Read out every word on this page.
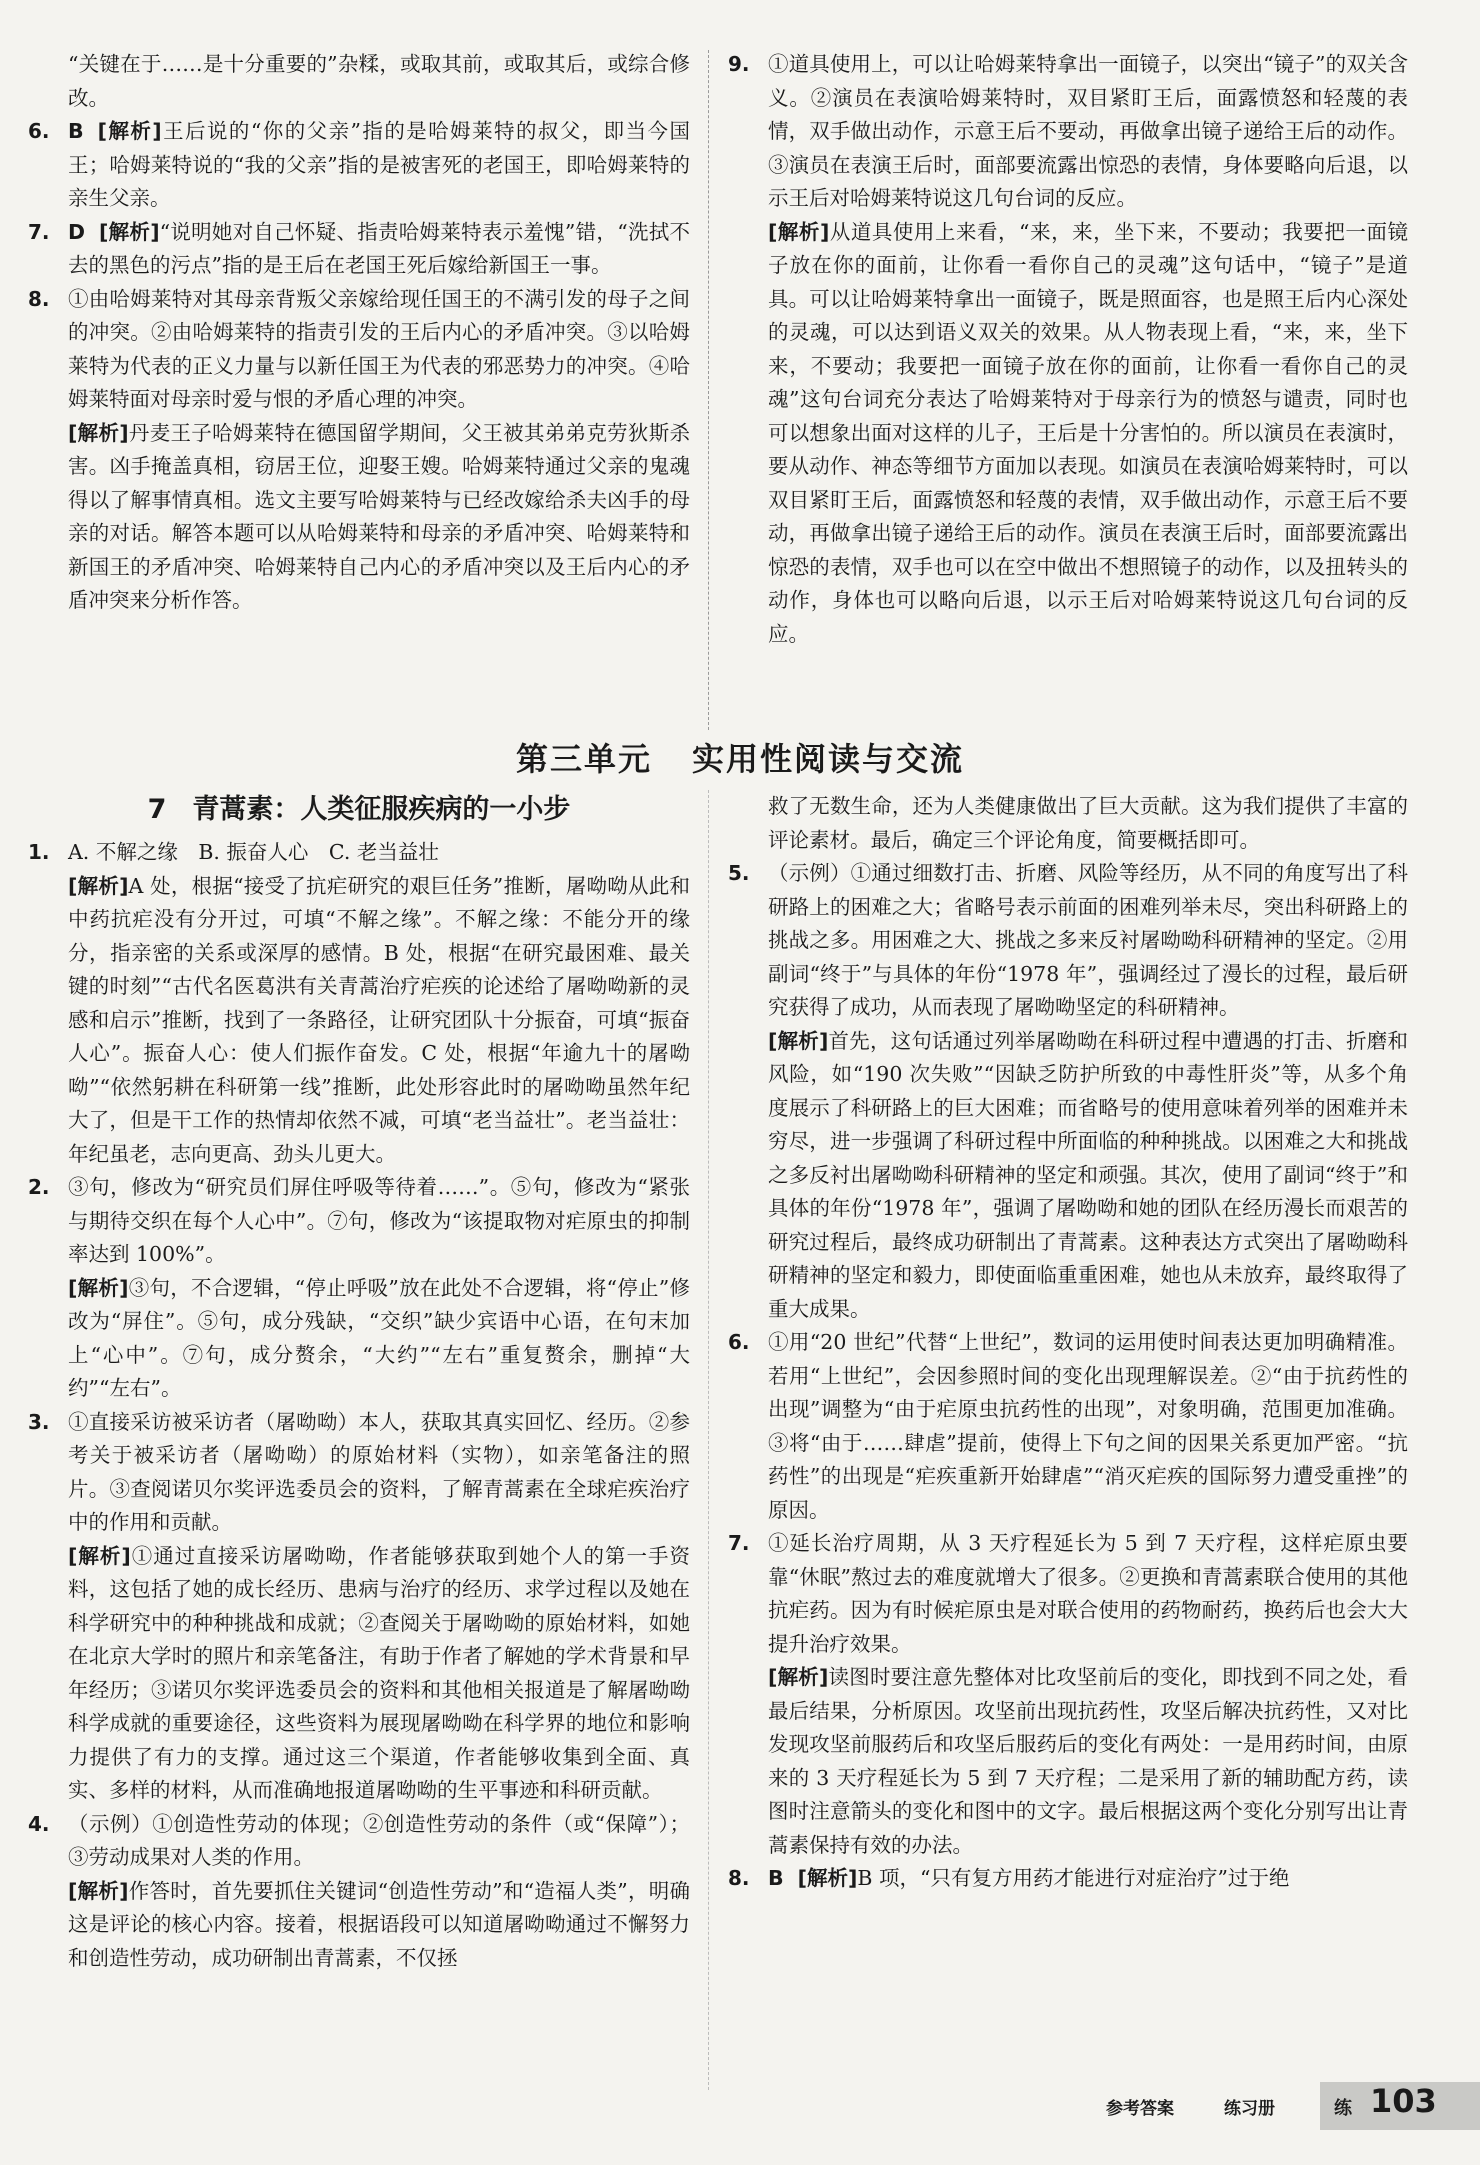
“关键在于……是十分重要的”杂糅，或取其前，或取其后，或综合修改。

6. B [解析]王后说的“你的父亲”指的是哈姆莱特的叔父，即当今国王；哈姆莱特说的“我的父亲”指的是被害死的老国王，即哈姆莱特的亲生父亲。

7. D [解析]“说明她对自己怀疑、指责哈姆莱特表示羞愧”错，“洗拭不去的黑色的污点”指的是王后在老国王死后嫁给新国王一事。

8. ①由哈姆莱特对其母亲背叛父亲嫁给现任国王的不满引发的母子之间的冲突。②由哈姆莱特的指责引发的王后内心的矛盾冲突。③以哈姆莱特为代表的正义力量与以新任国王为代表的邪恶势力的冲突。④哈姆莱特面对母亲时爱与恨的矛盾心理的冲突。

[解析]丹麦王子哈姆莱特在德国留学期间，父王被其弟弟克劳狄斯杀害。凶手掩盖真相，窃居王位，迎娶王嫂。哈姆莱特通过父亲的鬼魂得以了解事情真相。选文主要写哈姆莱特与已经改嫁给杀夫凶手的母亲的对话。解答本题可以从哈姆莱特和母亲的矛盾冲突、哈姆莱特和新国王的矛盾冲突、哈姆莱特自己内心的矛盾冲突以及王后内心的矛盾冲突来分析作答。

9. ①道具使用上，可以让哈姆莱特拿出一面镜子，以突出“镜子”的双关含义。②演员在表演哈姆莱特时，双目紧盯王后，面露愤怒和轻蔑的表情，双手做出动作，示意王后不要动，再做拿出镜子递给王后的动作。③演员在表演王后时，面部要流露出惊恐的表情，身体要略向后退，以示王后对哈姆莱特说这几句台词的反应。

[解析]从道具使用上来看，“来，来，坐下来，不要动；我要把一面镜子放在你的面前，让你看一看你自己的灵魂”这句话中，“镜子”是道具。可以让哈姆莱特拿出一面镜子，既是照面容，也是照王后内心深处的灵魂，可以达到语义双关的效果。从人物表现上看，“来，来，坐下来，不要动；我要把一面镜子放在你的面前，让你看一看你自己的灵魂”这句台词充分表达了哈姆莱特对于母亲行为的愤怒与谴责，同时也可以想象出面对这样的儿子，王后是十分害怕的。所以演员在表演时，要从动作、神态等细节方面加以表现。如演员在表演哈姆莱特时，可以双目紧盯王后，面露愤怒和轻蔑的表情，双手做出动作，示意王后不要动，再做拿出镜子递给王后的动作。演员在表演王后时，面部要流露出惊恐的表情，双手也可以在空中做出不想照镜子的动作，以及扭转头的动作，身体也可以略向后退，以示王后对哈姆莱特说这几句台词的反应。

第三单元 实用性阅读与交流
7 青蒿素：人类征服疾病的一小步

1. A. 不解之缘　B. 振奋人心　C. 老当益壮

[解析]A 处，根据“接受了抗疟研究的艰巨任务”推断，屠呦呦从此和中药抗疟没有分开过，可填“不解之缘”。不解之缘：不能分开的缘分，指亲密的关系或深厚的感情。B 处，根据“在研究最困难、最关键的时刻”“古代名医葛洪有关青蒿治疗疟疾的论述给了屠呦呦新的灵感和启示”推断，找到了一条路径，让研究团队十分振奋，可填“振奋人心”。振奋人心：使人们振作奋发。C 处，根据“年逾九十的屠呦呦”“依然躬耕在科研第一线”推断，此处形容此时的屠呦呦虽然年纪大了，但是干工作的热情却依然不减，可填“老当益壮”。老当益壮：年纪虽老，志向更高、劲头儿更大。

2. ③句，修改为“研究员们屏住呼吸等待着……”。⑤句，修改为“紧张与期待交织在每个人心中”。⑦句，修改为“该提取物对疟原虫的抑制率达到 100%”。

[解析]③句，不合逻辑，“停止呼吸”放在此处不合逻辑，将“停止”修改为“屏住”。⑤句，成分残缺，“交织”缺少宾语中心语，在句末加上“心中”。⑦句，成分赘余，“大约”“左右”重复赘余，删掉“大约”“左右”。

3. ①直接采访被采访者（屠呦呦）本人，获取其真实回忆、经历。②参考关于被采访者（屠呦呦）的原始材料（实物），如亲笔备注的照片。③查阅诺贝尔奖评选委员会的资料，了解青蒿素在全球疟疾治疗中的作用和贡献。

[解析]①通过直接采访屠呦呦，作者能够获取到她个人的第一手资料，这包括了她的成长经历、患病与治疗的经历、求学过程以及她在科学研究中的种种挑战和成就；②查阅关于屠呦呦的原始材料，如她在北京大学时的照片和亲笔备注，有助于作者了解她的学术背景和早年经历；③诺贝尔奖评选委员会的资料和其他相关报道是了解屠呦呦科学成就的重要途径，这些资料为展现屠呦呦在科学界的地位和影响力提供了有力的支撑。通过这三个渠道，作者能够收集到全面、真实、多样的材料，从而准确地报道屠呦呦的生平事迹和科研贡献。

4. （示例）①创造性劳动的体现；②创造性劳动的条件（或“保障”）；③劳动成果对人类的作用。

[解析]作答时，首先要抓住关键词“创造性劳动”和“造福人类”，明确这是评论的核心内容。接着，根据语段可以知道屠呦呦通过不懈努力和创造性劳动，成功研制出青蒿素，不仅拯

救了无数生命，还为人类健康做出了巨大贡献。这为我们提供了丰富的评论素材。最后，确定三个评论角度，简要概括即可。

5. （示例）①通过细数打击、折磨、风险等经历，从不同的角度写出了科研路上的困难之大；省略号表示前面的困难列举未尽，突出科研路上的挑战之多。用困难之大、挑战之多来反衬屠呦呦科研精神的坚定。②用副词“终于”与具体的年份“1978 年”，强调经过了漫长的过程，最后研究获得了成功，从而表现了屠呦呦坚定的科研精神。

[解析]首先，这句话通过列举屠呦呦在科研过程中遭遇的打击、折磨和风险，如“190 次失败”“因缺乏防护所致的中毒性肝炎”等，从多个角度展示了科研路上的巨大困难；而省略号的使用意味着列举的困难并未穷尽，进一步强调了科研过程中所面临的种种挑战。以困难之大和挑战之多反衬出屠呦呦科研精神的坚定和顽强。其次，使用了副词“终于”和具体的年份“1978 年”，强调了屠呦呦和她的团队在经历漫长而艰苦的研究过程后，最终成功研制出了青蒿素。这种表达方式突出了屠呦呦科研精神的坚定和毅力，即使面临重重困难，她也从未放弃，最终取得了重大成果。

6. ①用“20 世纪”代替“上世纪”，数词的运用使时间表达更加明确精准。若用“上世纪”，会因参照时间的变化出现理解误差。②“由于抗药性的出现”调整为“由于疟原虫抗药性的出现”，对象明确，范围更加准确。③将“由于……肆虐”提前，使得上下句之间的因果关系更加严密。“抗药性”的出现是“疟疾重新开始肆虐”“消灭疟疾的国际努力遭受重挫”的原因。

7. ①延长治疗周期，从 3 天疗程延长为 5 到 7 天疗程，这样疟原虫要靠“休眠”熬过去的难度就增大了很多。②更换和青蒿素联合使用的其他抗疟药。因为有时候疟原虫是对联合使用的药物耐药，换药后也会大大提升治疗效果。

[解析]读图时要注意先整体对比攻坚前后的变化，即找到不同之处，看最后结果，分析原因。攻坚前出现抗药性，攻坚后解决抗药性，又对比发现攻坚前服药后和攻坚后服药后的变化有两处：一是用药时间，由原来的 3 天疗程延长为 5 到 7 天疗程；二是采用了新的辅助配方药，读图时注意箭头的变化和图中的文字。最后根据这两个变化分别写出让青蒿素保持有效的办法。

8. B [解析]B 项，“只有复方用药才能进行对症治疗”过于绝

参考答案	练习册	练 103
